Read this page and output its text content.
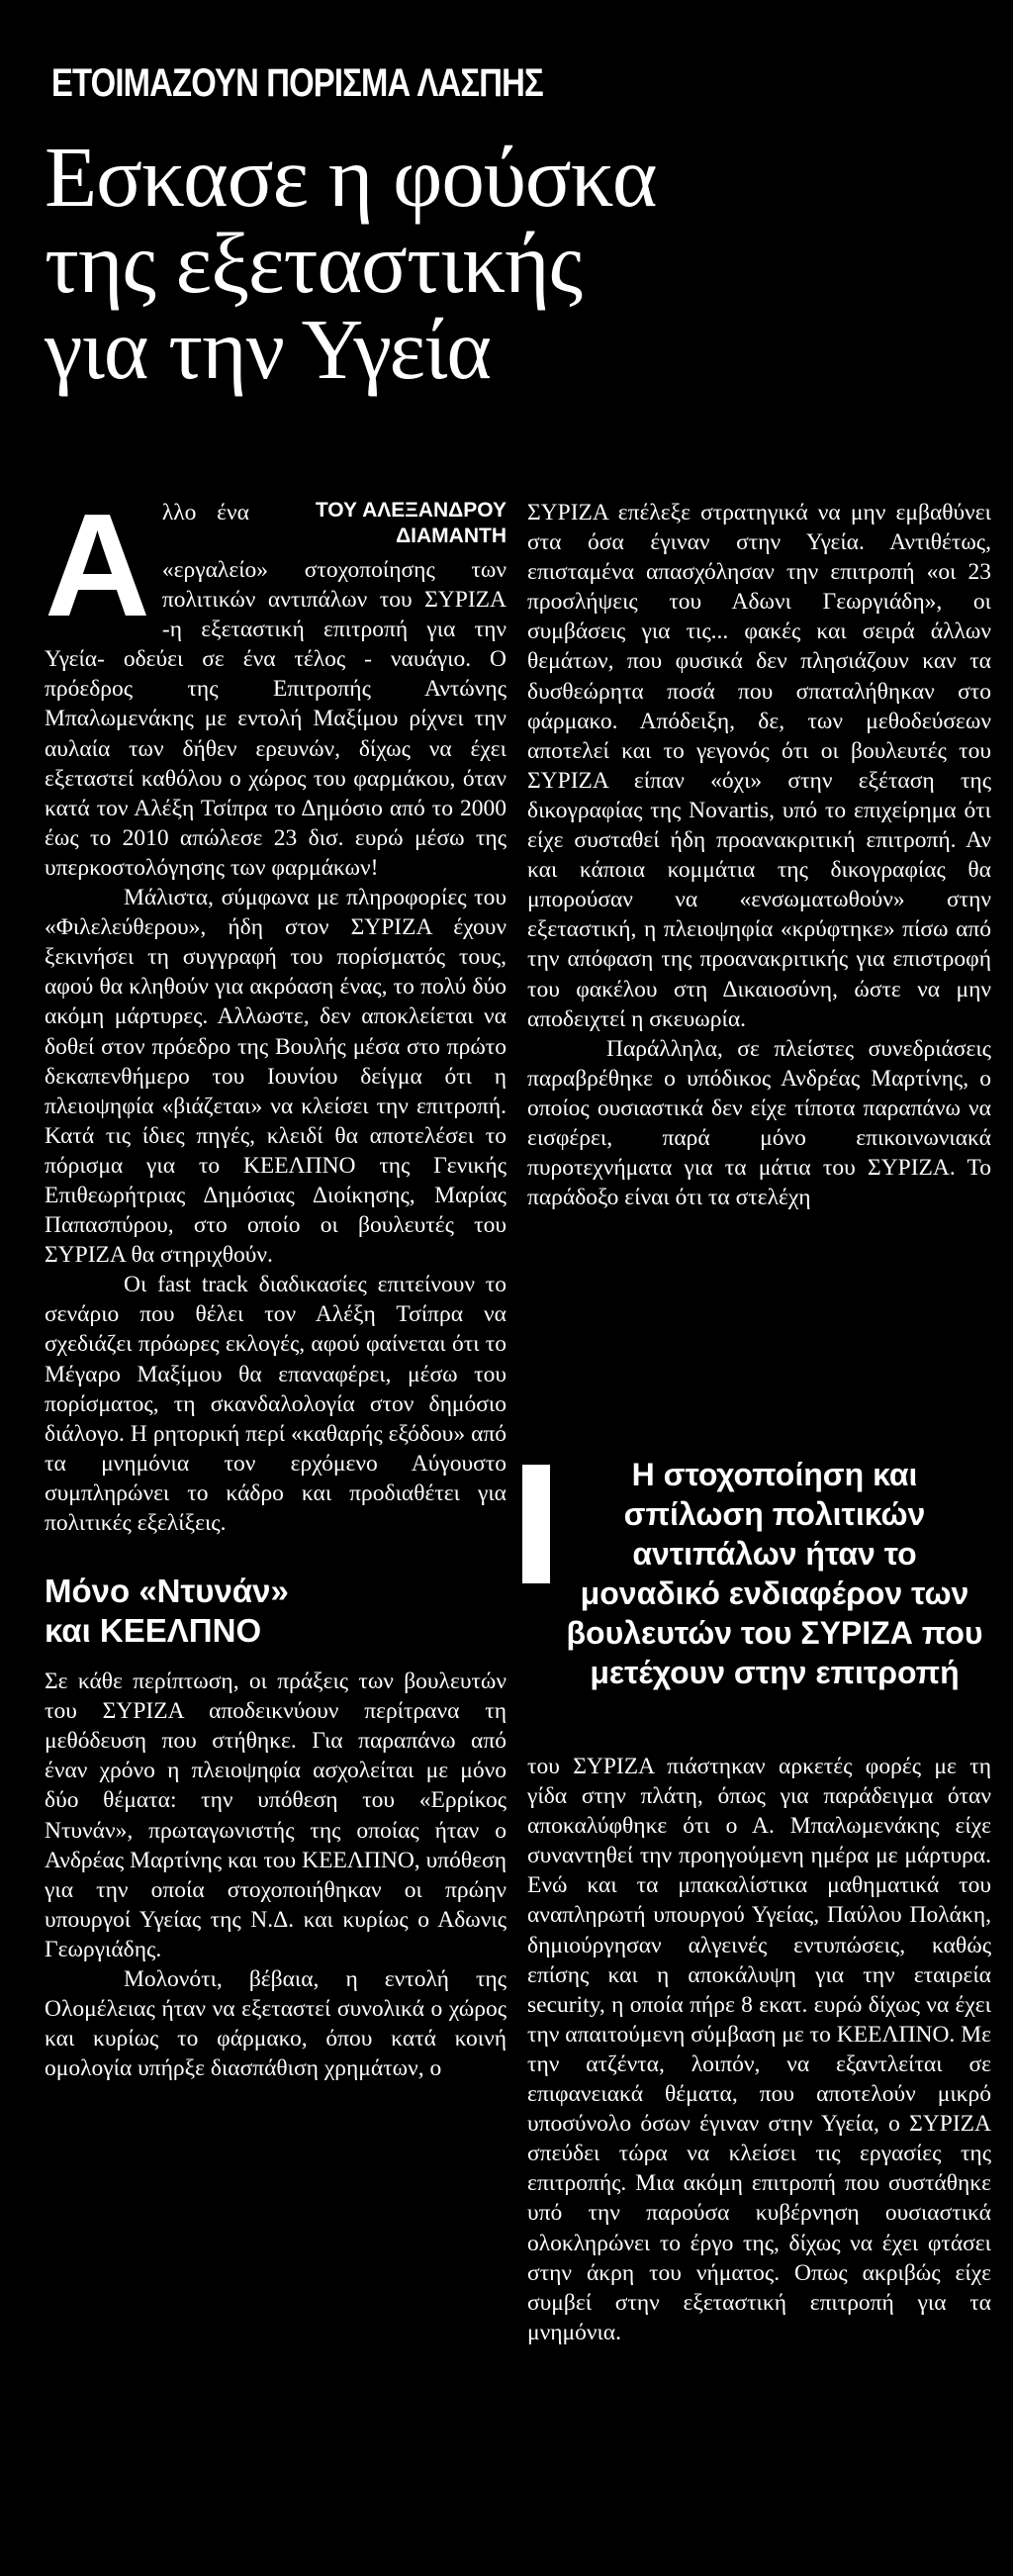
ΕΤΟΙΜΑΖΟΥΝ ΠΟΡΙΣΜΑ ΛΑΣΠΗΣ
Εσκασε η φούσκα
της εξεταστικής
για την Υγεία
ΤΟΥ ΑΛΕΞΑΝΔΡΟΥ
ΔΙΑΜΑΝΤΗ
Α λλο ένα «εργαλείο» στοχοποίησης των πολιτικών αντιπάλων του ΣΥΡΙΖΑ -η εξεταστική επιτροπή για την Υγεία- οδεύει σε ένα τέλος - ναυάγιο. Ο πρόεδρος της Επιτροπής Αντώνης Μπαλωμενάκης με εντολή Μαξίμου ρίχνει την αυλαία των δήθεν ερευνών, δίχως να έχει εξεταστεί καθόλου ο χώρος του φαρμάκου, όταν κατά τον Αλέξη Τσίπρα το Δημόσιο από το 2000 έως το 2010 απώλεσε 23 δισ. ευρώ μέσω της υπερκοστολόγησης των φαρμάκων!

Μάλιστα, σύμφωνα με πληροφορίες του «Φιλελεύθερου», ήδη στον ΣΥΡΙΖΑ έχουν ξεκινήσει τη συγγραφή του πορίσματός τους, αφού θα κληθούν για ακρόαση ένας, το πολύ δύο ακόμη μάρτυρες. Αλλωστε, δεν αποκλείεται να δοθεί στον πρόεδρο της Βουλής μέσα στο πρώτο δεκαπενθήμερο του Ιουνίου δείγμα ότι η πλειοψηφία «βιάζεται» να κλείσει την επιτροπή. Κατά τις ίδιες πηγές, κλειδί θα αποτελέσει το πόρισμα για το ΚΕΕΛΠΝΟ της Γενικής Επιθεωρήτριας Δημόσιας Διοίκησης, Μαρίας Παπασπύρου, στο οποίο οι βουλευτές του ΣΥΡΙΖΑ θα στηριχθούν.

Οι fast track διαδικασίες επιτείνουν το σενάριο που θέλει τον Αλέξη Τσίπρα να σχεδιάζει πρόωρες εκλογές, αφού φαίνεται ότι το Μέγαρο Μαξίμου θα επαναφέρει, μέσω του πορίσματος, τη σκανδαλολογία στον δημόσιο διάλογο. Η ρητορική περί «καθαρής εξόδου» από τα μνημόνια τον ερχόμενο Αύγουστο συμπληρώνει το κάδρο και προδιαθέτει για πολιτικές εξελίξεις.

Μόνο «Ντυνάν»
και ΚΕΕΛΠΝΟ

Σε κάθε περίπτωση, οι πράξεις των βουλευτών του ΣΥΡΙΖΑ αποδεικνύουν περίτρανα τη μεθόδευση που στήθηκε. Για παραπάνω από έναν χρόνο η πλειοψηφία ασχολείται με μόνο δύο θέματα: την υπόθεση του «Ερρίκος Ντυνάν», πρωταγωνιστής της οποίας ήταν ο Ανδρέας Μαρτίνης και του ΚΕΕΛΠΝΟ, υπόθεση για την οποία στοχοποιήθηκαν οι πρώην υπουργοί Υγείας της Ν.Δ. και κυρίως ο Αδωνις Γεωργιάδης.

Μολονότι, βέβαια, η εντολή της Ολομέλειας ήταν να εξεταστεί συνολικά ο χώρος και κυρίως το φάρμακο, όπου κατά κοινή ομολογία υπήρξε διασπάθιση χρημάτων, ο

ΣΥΡΙΖΑ επέλεξε στρατηγικά να μην εμβαθύνει στα όσα έγιναν στην Υγεία. Αντιθέτως, επισταμένα απασχόλησαν την επιτροπή «οι 23 προσλήψεις του Αδωνι Γεωργιάδη», οι συμβάσεις για τις... φακές και σειρά άλλων θεμάτων, που φυσικά δεν πλησιάζουν καν τα δυσθεώρητα ποσά που σπαταλήθηκαν στο φάρμακο. Απόδειξη, δε, των μεθοδεύσεων αποτελεί και το γεγονός ότι οι βουλευτές του ΣΥΡΙΖΑ είπαν «όχι» στην εξέταση της δικογραφίας της Novartis, υπό το επιχείρημα ότι είχε συσταθεί ήδη προανακριτική επιτροπή. Αν και κάποια κομμάτια της δικογραφίας θα μπορούσαν να «ενσωματωθούν» στην εξεταστική, η πλειοψηφία «κρύφτηκε» πίσω από την απόφαση της προανακριτικής για επιστροφή του φακέλου στη Δικαιοσύνη, ώστε να μην αποδειχτεί η σκευωρία.

Παράλληλα, σε πλείστες συνεδριάσεις παραβρέθηκε ο υπόδικος Ανδρέας Μαρτίνης, ο οποίος ουσιαστικά δεν είχε τίποτα παραπάνω να εισφέρει, παρά μόνο επικοινωνιακά πυροτεχνήματα για τα μάτια του ΣΥΡΙΖΑ. Το παράδοξο είναι ότι τα στελέχη

Η στοχοποίηση και σπίλωση πολιτικών αντιπάλων ήταν το μοναδικό ενδιαφέρον των βουλευτών του ΣΥΡΙΖΑ που μετέχουν στην επιτροπή

του ΣΥΡΙΖΑ πιάστηκαν αρκετές φορές με τη γίδα στην πλάτη, όπως για παράδειγμα όταν αποκαλύφθηκε ότι ο Α. Μπαλωμενάκης είχε συναντηθεί την προηγούμενη ημέρα με μάρτυρα. Ενώ και τα μπακαλίστικα μαθηματικά του αναπληρωτή υπουργού Υγείας, Παύλου Πολάκη, δημιούργησαν αλγεινές εντυπώσεις, καθώς επίσης και η αποκάλυψη για την εταιρεία security, η οποία πήρε 8 εκατ. ευρώ δίχως να έχει την απαιτούμενη σύμβαση με το ΚΕΕΛΠΝΟ. Με την ατζέντα, λοιπόν, να εξαντλείται σε επιφανειακά θέματα, που αποτελούν μικρό υποσύνολο όσων έγιναν στην Υγεία, ο ΣΥΡΙΖΑ σπεύδει τώρα να κλείσει τις εργασίες της επιτροπής. Μια ακόμη επιτροπή που συστάθηκε υπό την παρούσα κυβέρνηση ουσιαστικά ολοκληρώνει το έργο της, δίχως να έχει φτάσει στην άκρη του νήματος. Οπως ακριβώς είχε συμβεί στην εξεταστική επιτροπή για τα μνημόνια.
